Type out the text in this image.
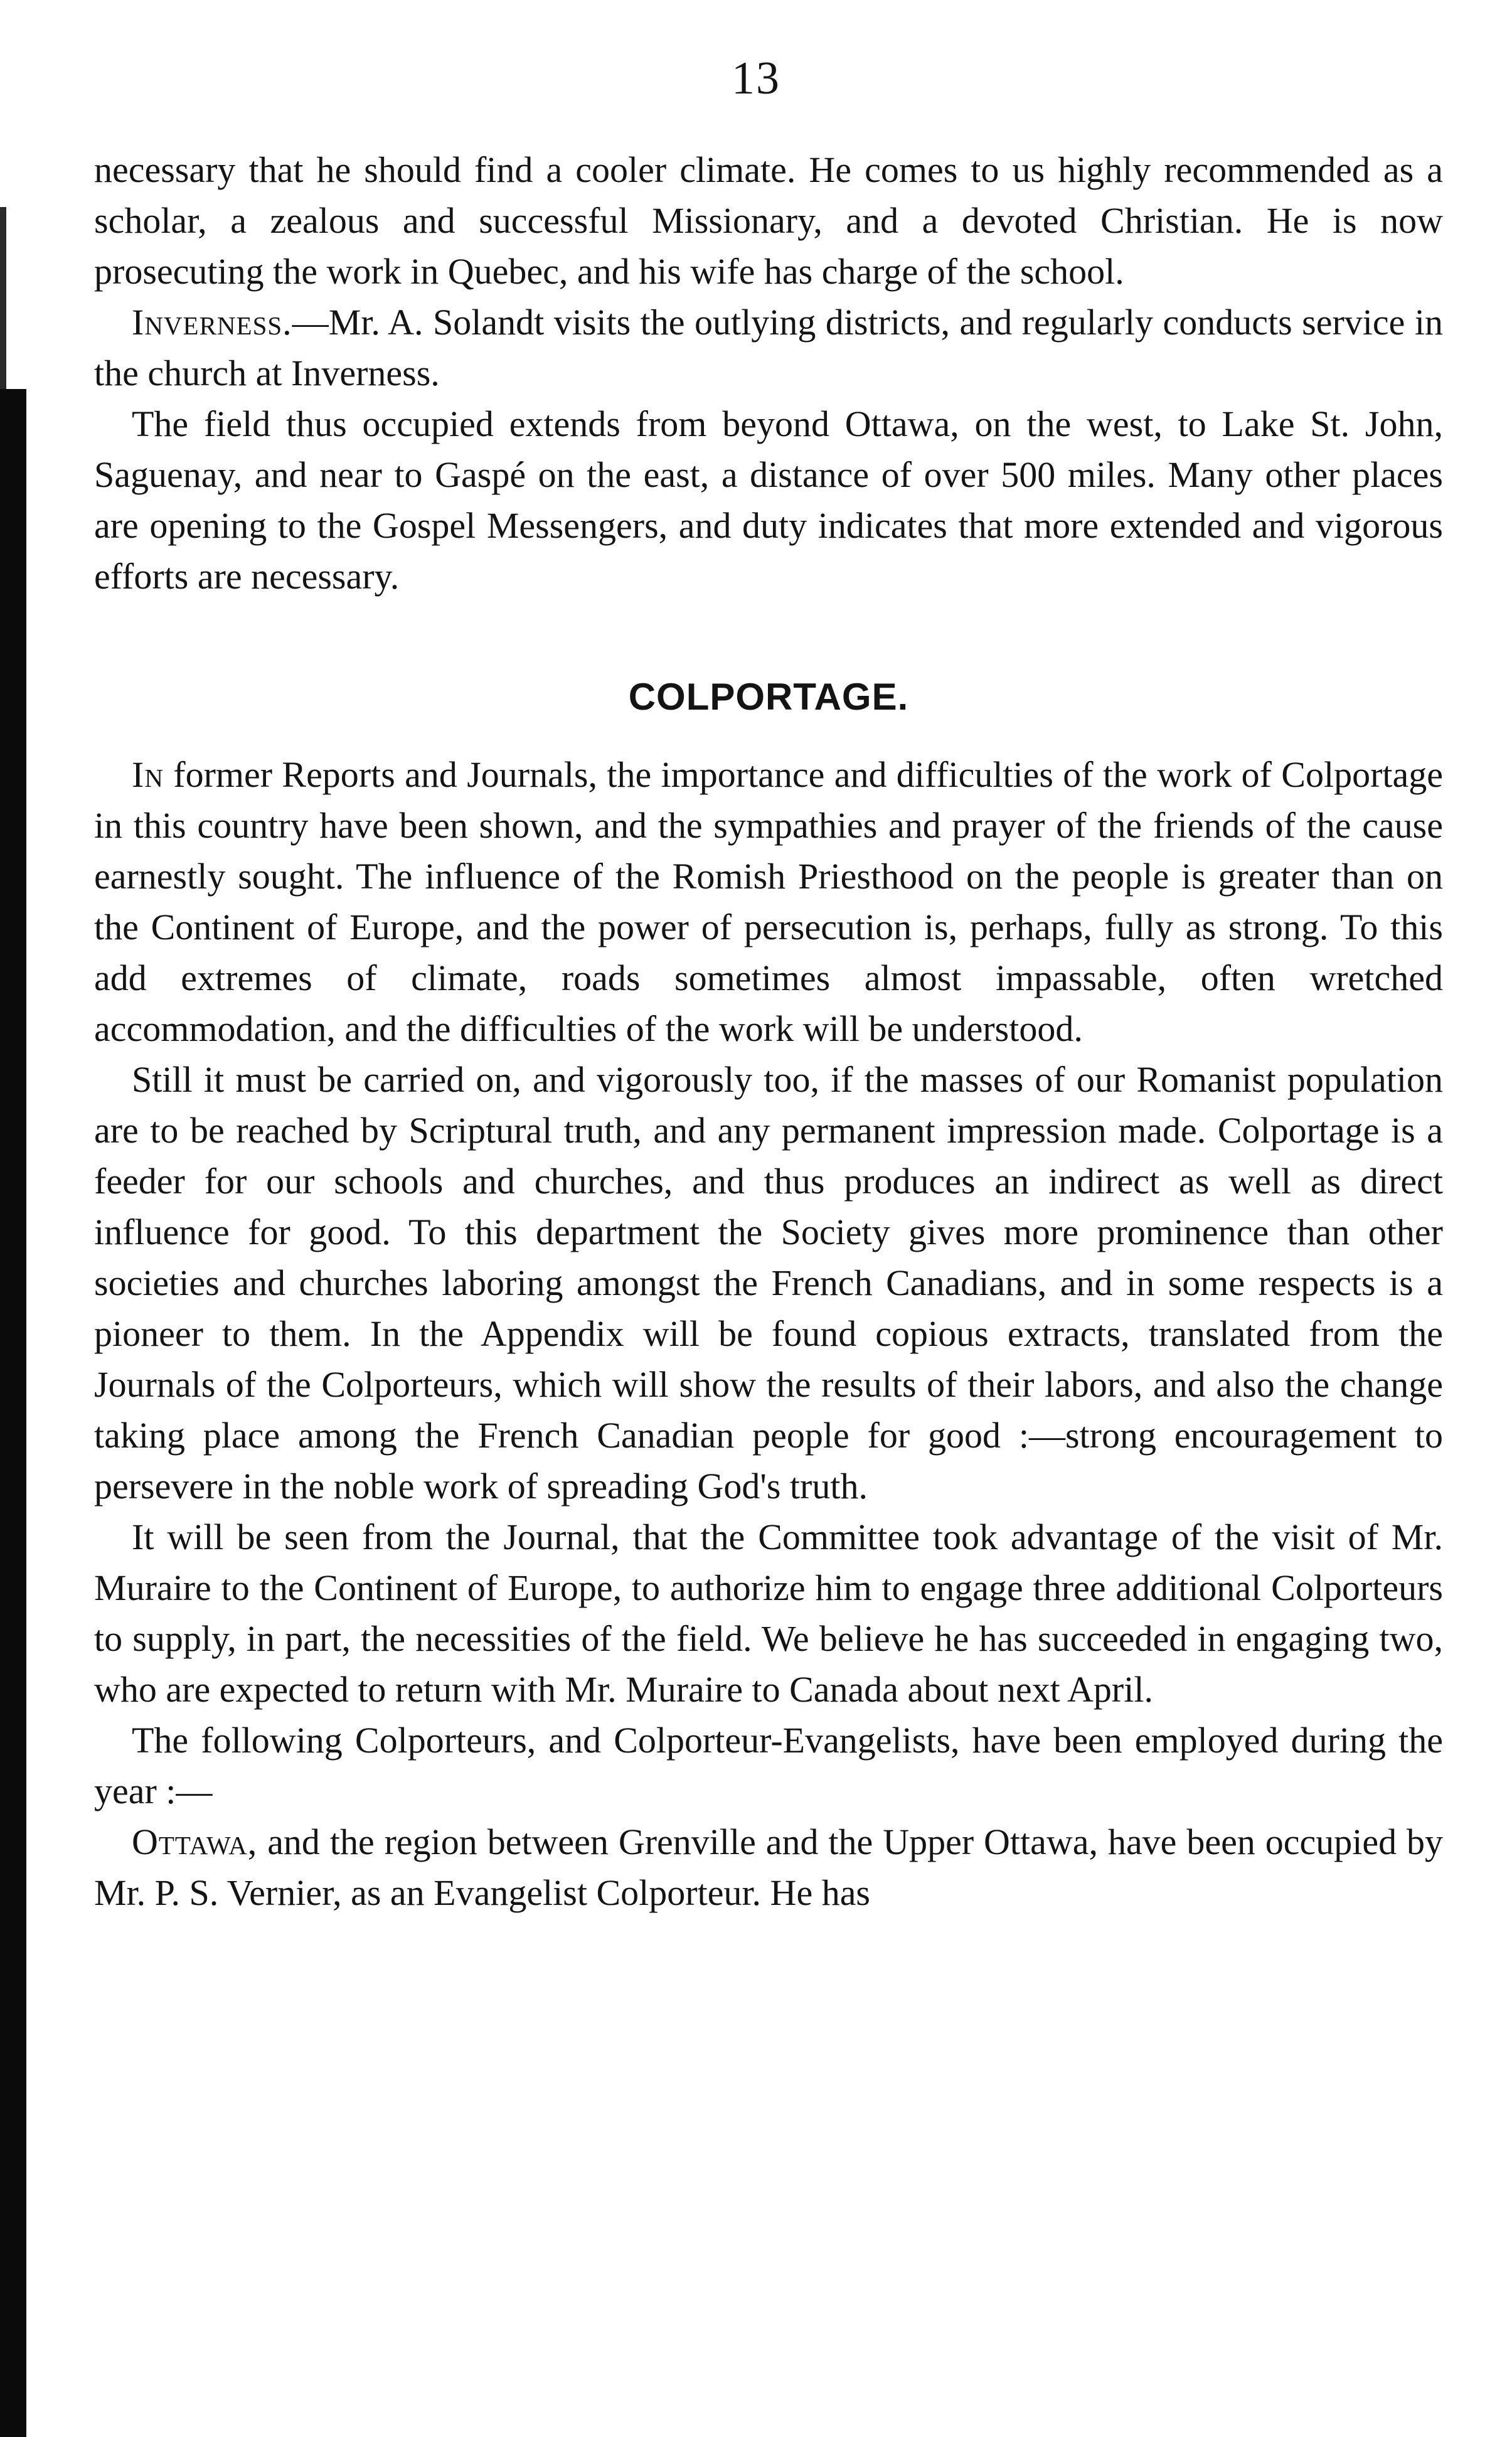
13

necessary that he should find a cooler climate. He comes to us highly recommended as a scholar, a zealous and successful Missionary, and a devoted Christian. He is now prosecuting the work in Quebec, and his wife has charge of the school.

Inverness.—Mr. A. Solandt visits the outlying districts, and regularly conducts service in the church at Inverness.

The field thus occupied extends from beyond Ottawa, on the west, to Lake St. John, Saguenay, and near to Gaspé on the east, a distance of over 500 miles. Many other places are opening to the Gospel Messengers, and duty indicates that more extended and vigorous efforts are necessary.

COLPORTAGE.

In former Reports and Journals, the importance and difficulties of the work of Colportage in this country have been shown, and the sympathies and prayer of the friends of the cause earnestly sought. The influence of the Romish Priesthood on the people is greater than on the Continent of Europe, and the power of persecution is, perhaps, fully as strong. To this add extremes of climate, roads sometimes almost impassable, often wretched accommodation, and the difficulties of the work will be understood.

Still it must be carried on, and vigorously too, if the masses of our Romanist population are to be reached by Scriptural truth, and any permanent impression made. Colportage is a feeder for our schools and churches, and thus produces an indirect as well as direct influence for good. To this department the Society gives more prominence than other societies and churches laboring amongst the French Canadians, and in some respects is a pioneer to them. In the Appendix will be found copious extracts, translated from the Journals of the Colporteurs, which will show the results of their labors, and also the change taking place among the French Canadian people for good :—strong encouragement to persevere in the noble work of spreading God's truth.

It will be seen from the Journal, that the Committee took advantage of the visit of Mr. Muraire to the Continent of Europe, to authorize him to engage three additional Colporteurs to supply, in part, the necessities of the field. We believe he has succeeded in engaging two, who are expected to return with Mr. Muraire to Canada about next April.

The following Colporteurs, and Colporteur-Evangelists, have been employed during the year :—

Ottawa, and the region between Grenville and the Upper Ottawa, have been occupied by Mr. P. S. Vernier, as an Evangelist Colporteur. He has
